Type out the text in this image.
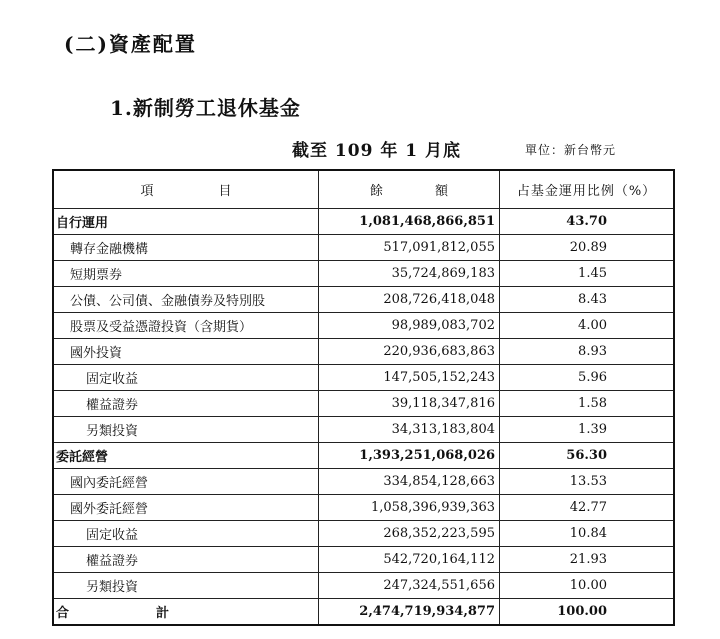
(二)資產配置
1.新制勞工退休基金
截至 109 年 1 月底	單位：新台幣元
項　　　　　目	餘　　　　額	占基金運用比例（%）
自行運用	1,081,468,866,851	43.70
轉存金融機構	517,091,812,055	20.89
短期票券	35,724,869,183	1.45
公債、公司債、金融債券及特別股	208,726,418,048	8.43
股票及受益憑證投資（含期貨）	98,989,083,702	4.00
國外投資	220,936,683,863	8.93
固定收益	147,505,152,243	5.96
權益證券	39,118,347,816	1.58
另類投資	34,313,183,804	1.39
委託經營	1,393,251,068,026	56.30
國內委託經營	334,854,128,663	13.53
國外委託經營	1,058,396,939,363	42.77
固定收益	268,352,223,595	10.84
權益證券	542,720,164,112	21.93
另類投資	247,324,551,656	10.00
合 計	2,474,719,934,877	100.00
